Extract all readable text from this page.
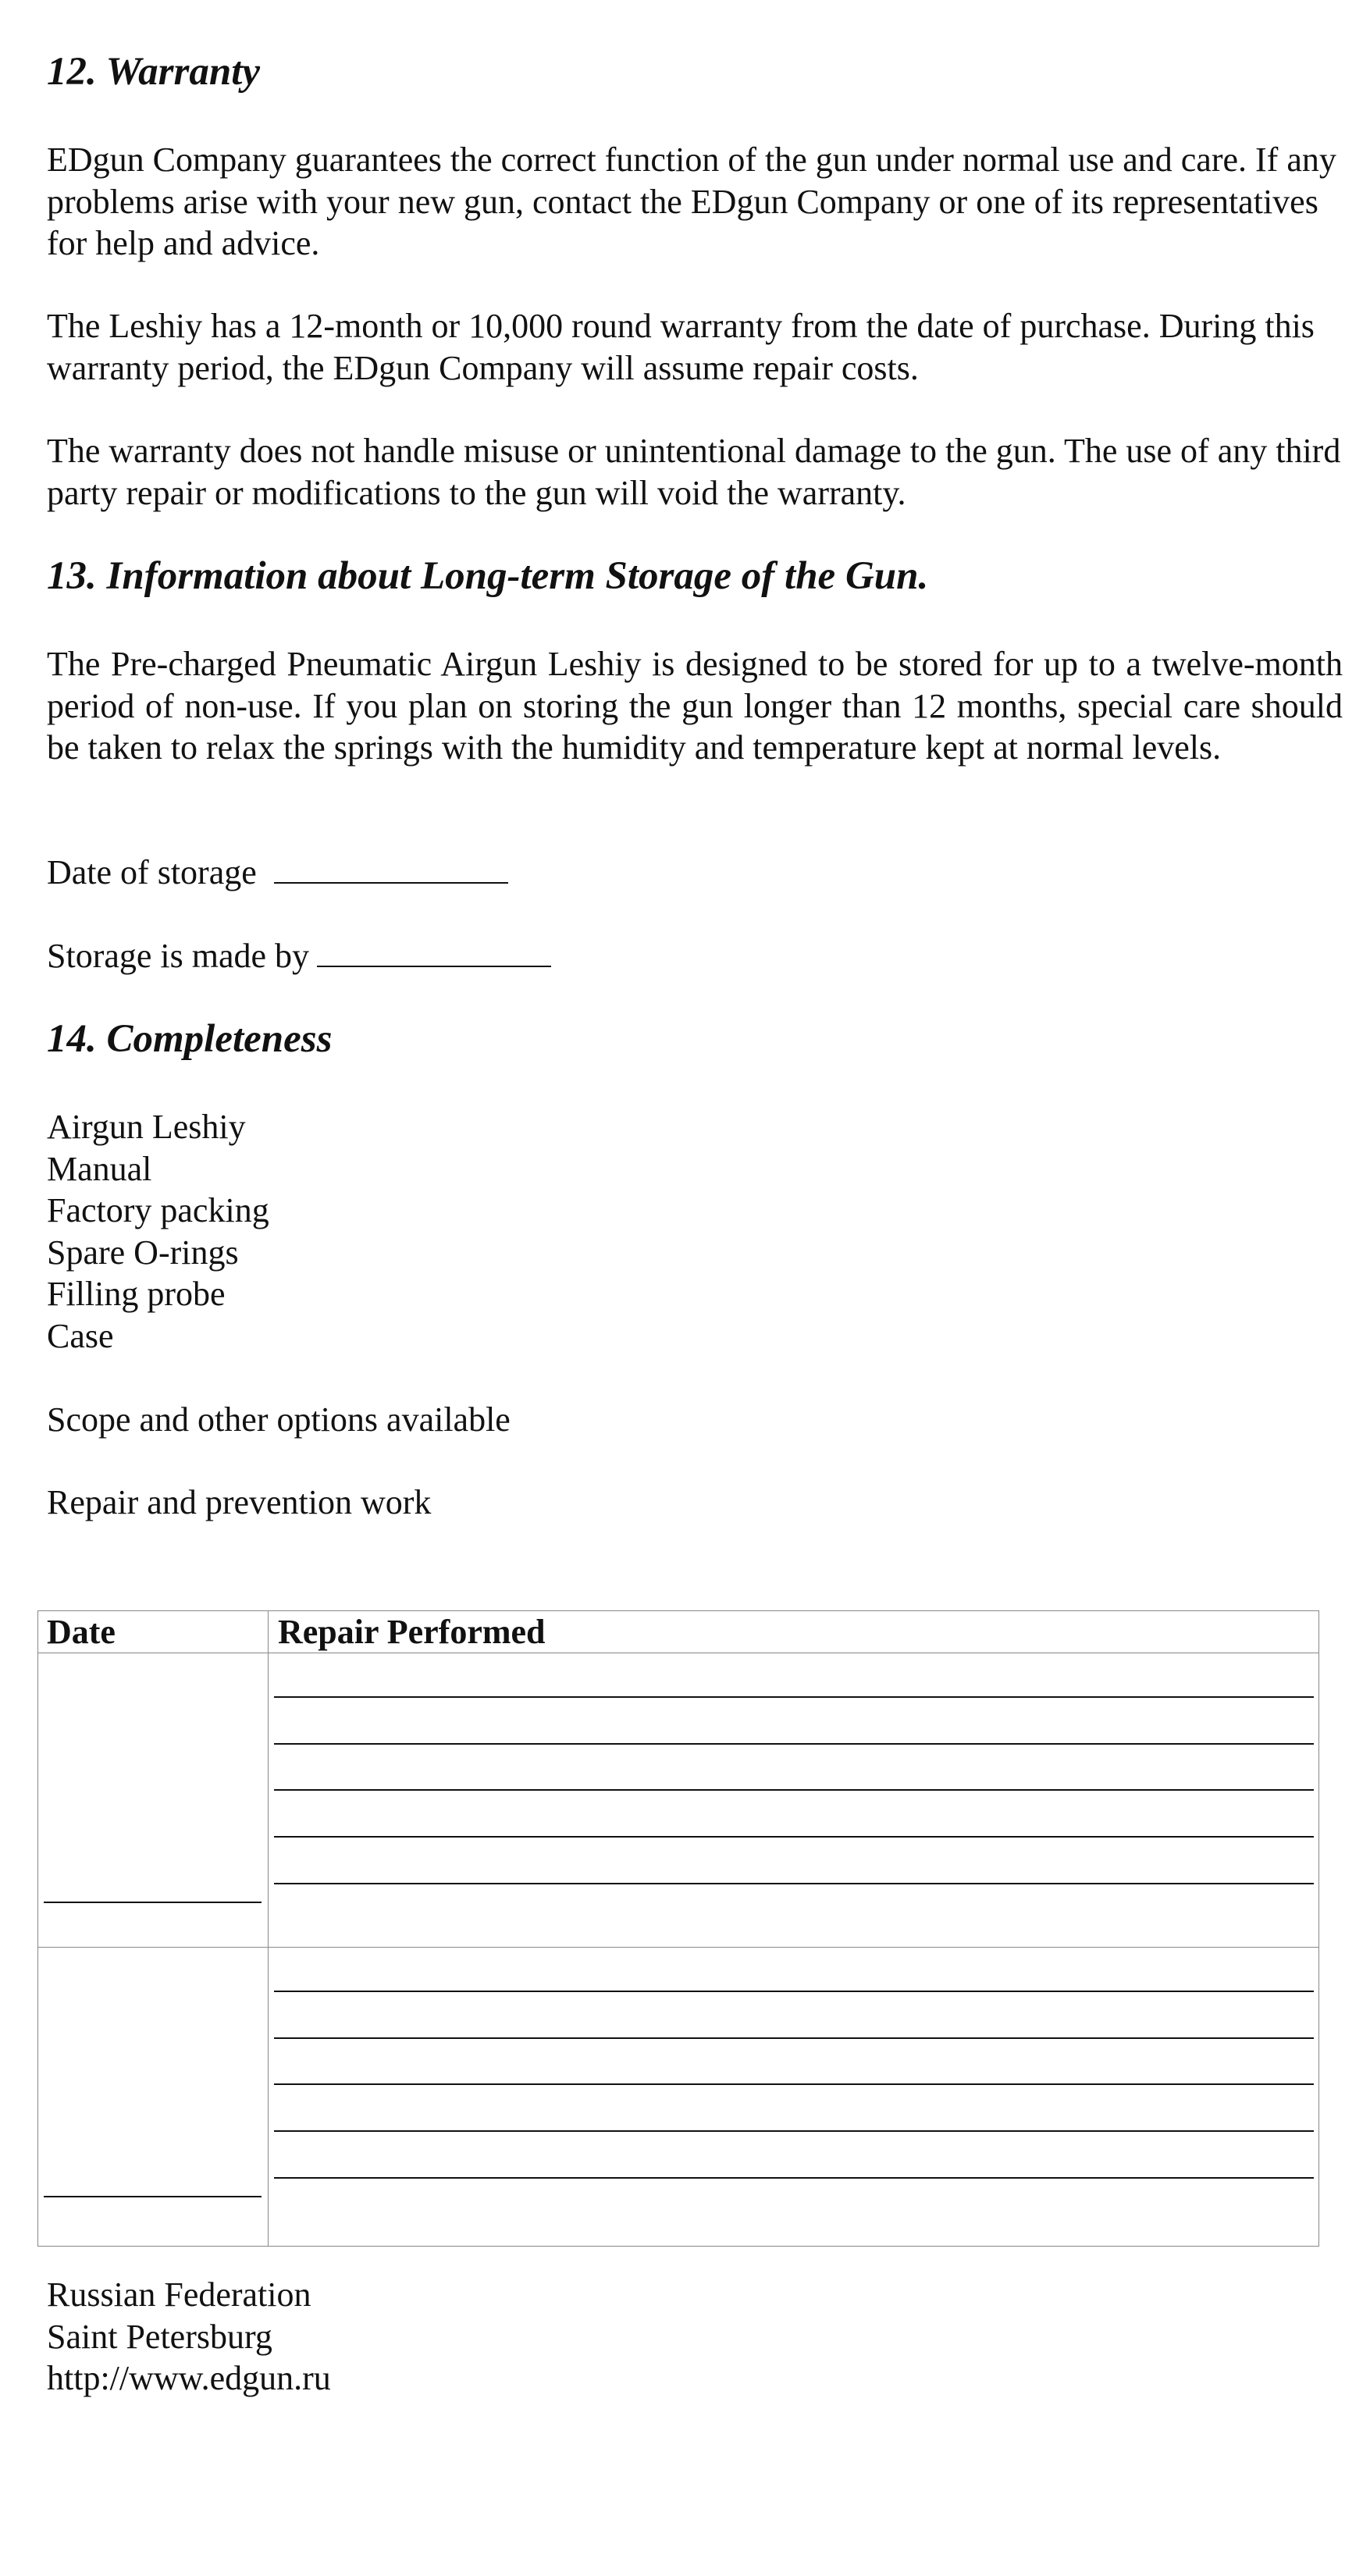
12. Warranty

EDgun Company guarantees the correct function of the gun under normal use and care. If any problems arise with your new gun, contact the EDgun Company or one of its representatives for help and advice.

The Leshiy has a 12-month or 10,000 round warranty from the date of purchase. During this warranty period, the EDgun Company will assume repair costs.

The warranty does not handle misuse or unintentional damage to the gun. The use of any third party repair or modifications to the gun will void the warranty.

13. Information about Long-term Storage of the Gun.

The Pre-charged Pneumatic Airgun Leshiy is designed to be stored for up to a twelve-month period of non-use. If you plan on storing the gun longer than 12 months, special care should be taken to relax the springs with the humidity and temperature kept at normal levels.

Date of storage
Storage is made by
14. Completeness
Airgun Leshiy
Manual
Factory packing
Spare O-rings
Filling probe
Case
Scope and other options available
Repair and prevention work
Date	Repair Performed
Russian Federation
Saint Petersburg
http://www.edgun.ru
